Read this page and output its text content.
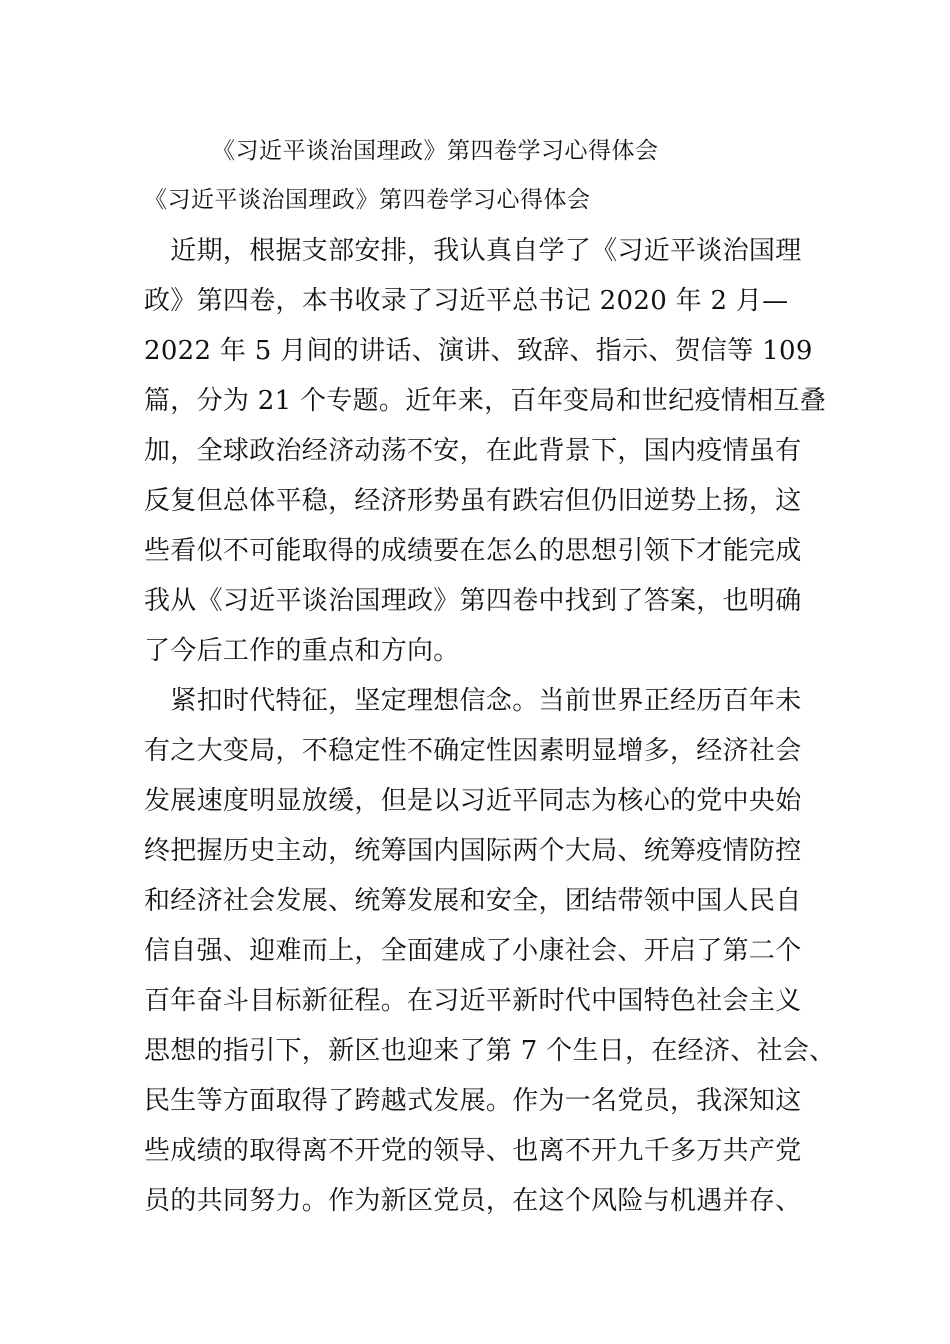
《习近平谈治国理政》第四卷学习心得体会
《习近平谈治国理政》第四卷学习心得体会
　近期，根据支部安排，我认真自学了《习近平谈治国理
政》第四卷，本书收录了习近平总书记 2020 年 2 月—
2022 年 5 月间的讲话、演讲、致辞、指示、贺信等 109
篇，分为 21 个专题。近年来，百年变局和世纪疫情相互叠
加，全球政治经济动荡不安，在此背景下，国内疫情虽有
反复但总体平稳，经济形势虽有跌宕但仍旧逆势上扬，这
些看似不可能取得的成绩要在怎么的思想引领下才能完成
我从《习近平谈治国理政》第四卷中找到了答案，也明确
了今后工作的重点和方向。
　紧扣时代特征，坚定理想信念。当前世界正经历百年未
有之大变局，不稳定性不确定性因素明显增多，经济社会
发展速度明显放缓，但是以习近平同志为核心的党中央始
终把握历史主动，统筹国内国际两个大局、统筹疫情防控
和经济社会发展、统筹发展和安全，团结带领中国人民自
信自强、迎难而上，全面建成了小康社会、开启了第二个
百年奋斗目标新征程。在习近平新时代中国特色社会主义
思想的指引下，新区也迎来了第 7 个生日，在经济、社会、
民生等方面取得了跨越式发展。作为一名党员，我深知这
些成绩的取得离不开党的领导、也离不开九千多万共产党
员的共同努力。作为新区党员，在这个风险与机遇并存、
